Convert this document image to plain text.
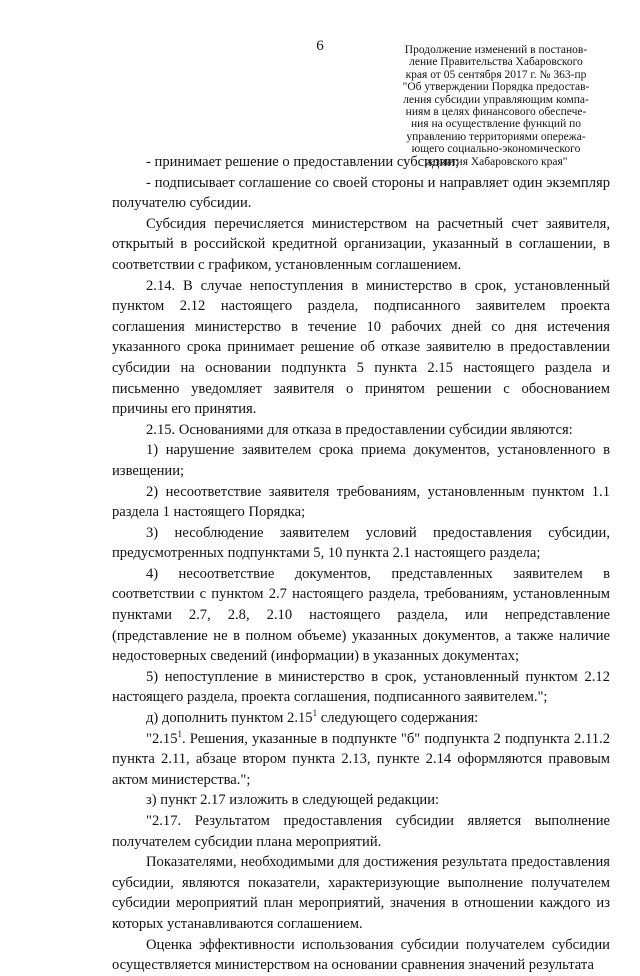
6	Продолжение изменений в постанов-
ление Правительства Хабаровского
края от 05 сентября 2017 г. № 363-пр
"Об утверждении Порядка предостав-
ления субсидии управляющим компа-
ниям в целях финансового обеспече-
ния на осуществление функций по
управлению территориями опережа-
ющего социально-экономического
развития Хабаровского края"

- принимает решение о предоставлении субсидии;

- подписывает соглашение со своей стороны и направляет один экземпляр получателю субсидии.

Субсидия перечисляется министерством на расчетный счет заявителя, открытый в российской кредитной организации, указанный в соглашении, в соответствии с графиком, установленным соглашением.

2.14. В случае непоступления в министерство в срок, установленный пунктом 2.12 настоящего раздела, подписанного заявителем проекта соглашения министерство в течение 10 рабочих дней со дня истечения указанного срока принимает решение об отказе заявителю в предоставлении субсидии на основании подпункта 5 пункта 2.15 настоящего раздела и письменно уведомляет заявителя о принятом решении с обоснованием причины его принятия.

2.15. Основаниями для отказа в предоставлении субсидии являются:

1) нарушение заявителем срока приема документов, установленного в извещении;

2) несоответствие заявителя требованиям, установленным пунктом 1.1 раздела 1 настоящего Порядка;

3) несоблюдение заявителем условий предоставления субсидии, предусмотренных подпунктами 5, 10 пункта 2.1 настоящего раздела;

4) несоответствие документов, представленных заявителем в соответствии с пунктом 2.7 настоящего раздела, требованиям, установленным пунктами 2.7, 2.8, 2.10 настоящего раздела, или непредставление (представление не в полном объеме) указанных документов, а также наличие недостоверных сведений (информации) в указанных документах;

5) непоступление в министерство в срок, установленный пунктом 2.12 настоящего раздела, проекта соглашения, подписанного заявителем.";

д) дополнить пунктом 2.15$^1$ следующего содержания:

"2.15$^1$. Решения, указанные в подпункте "б" подпункта 2 подпункта 2.11.2 пункта 2.11, абзаце втором пункта 2.13, пункте 2.14 оформляются правовым актом министерства.";

з) пункт 2.17 изложить в следующей редакции:

"2.17. Результатом предоставления субсидии является выполнение получателем субсидии плана мероприятий.

Показателями, необходимыми для достижения результата предоставления субсидии, являются показатели, характеризующие выполнение получателем субсидии мероприятий план мероприятий, значения в отношении каждого из которых устанавливаются соглашением.

Оценка эффективности использования субсидии получателем субсидии осуществляется министерством на основании сравнения значений результата
